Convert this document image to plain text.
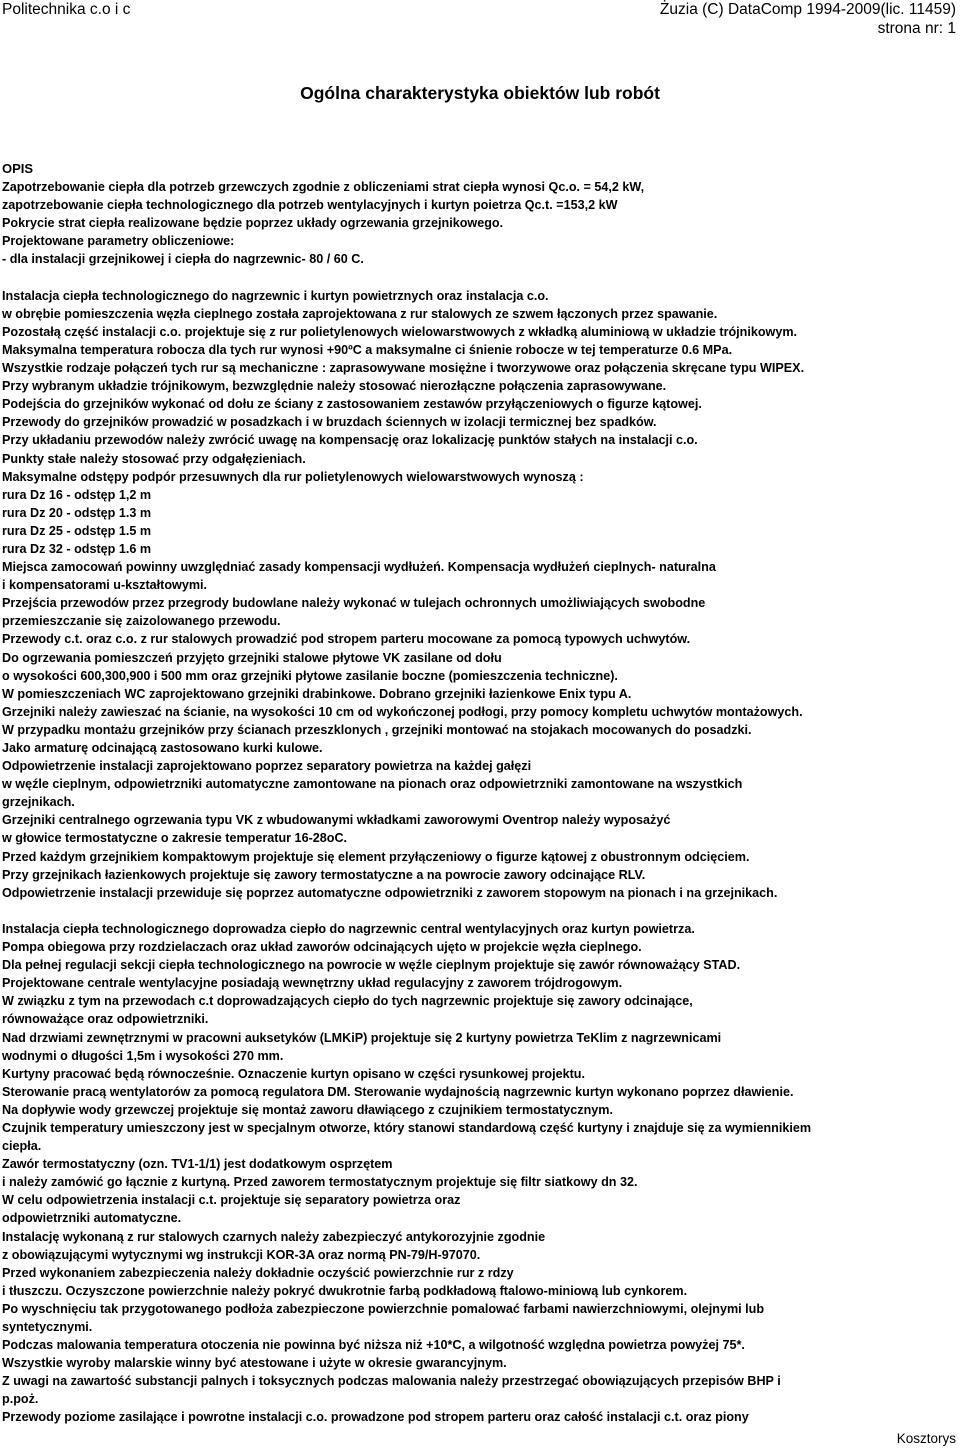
Politechnika c.o i c	Żuzia (C) DataComp 1994-2009(lic. 11459)
strona nr: 1
Ogólna charakterystyka obiektów lub robót
OPIS
Zapotrzebowanie ciepła dla potrzeb grzewczych zgodnie z obliczeniami strat ciepła wynosi Qc.o. = 54,2 kW,
zapotrzebowanie ciepła technologicznego dla potrzeb wentylacyjnych i kurtyn poietrza Qc.t. =153,2 kW
Pokrycie strat ciepła realizowane będzie poprzez układy ogrzewania grzejnikowego.
Projektowane parametry obliczeniowe:
- dla instalacji grzejnikowej i ciepła do nagrzewnic- 80 / 60 C.
Instalacja ciepła technologicznego do nagrzewnic i kurtyn powietrznych oraz instalacja c.o.
w obrębie pomieszczenia węzła cieplnego została zaprojektowana z rur stalowych ze szwem łączonych przez spawanie.
Pozostałą część instalacji c.o. projektuje się z rur polietylenowych wielowarstwowych z wkładką aluminiową w układzie trójnikowym.
Maksymalna temperatura robocza dla tych rur wynosi +90ºC a maksymalne ci śnienie robocze w tej temperaturze 0.6 MPa.
Wszystkie rodzaje połączeń tych rur są mechaniczne : zaprasowywane mosiężne i tworzywowe oraz połączenia skręcane typu WIPEX.
Przy wybranym układzie trójnikowym, bezwzględnie należy stosować nierozłączne połączenia zaprasowywane.
Podejścia do grzejników wykonać od dołu ze ściany z zastosowaniem zestawów przyłączeniowych o figurze kątowej.
Przewody do grzejników prowadzić w posadzkach i w bruzdach ściennych w izolacji termicznej bez spadków.
Przy układaniu przewodów należy zwrócić uwagę na kompensację oraz lokalizację punktów stałych na instalacji c.o.
Punkty stałe należy stosować przy odgałęzieniach.
Maksymalne odstępy podpór przesuwnych dla rur polietylenowych wielowarstwowych wynoszą :
rura Dz 16 - odstęp 1,2 m
rura Dz 20 - odstęp 1.3 m
rura Dz 25 - odstęp 1.5 m
rura Dz 32 - odstęp 1.6 m
Miejsca zamocowań powinny uwzględniać zasady kompensacji wydłużeń. Kompensacja wydłużeń cieplnych- naturalna
i kompensatorami u-kształtowymi.
Przejścia przewodów przez przegrody budowlane należy wykonać w tulejach ochronnych umożliwiających swobodne
przemieszczanie się zaizolowanego przewodu.
Przewody c.t. oraz c.o. z rur stalowych prowadzić pod stropem parteru mocowane za pomocą typowych uchwytów.
Do ogrzewania pomieszczeń przyjęto grzejniki stalowe płytowe VK zasilane od dołu
o wysokości 600,300,900 i 500 mm oraz grzejniki płytowe zasilanie boczne (pomieszczenia techniczne).
W pomieszczeniach WC zaprojektowano grzejniki drabinkowe. Dobrano grzejniki łazienkowe Enix typu A.
Grzejniki należy zawieszać na ścianie, na wysokości 10 cm od wykończonej podłogi, przy pomocy kompletu uchwytów montażowych.
W przypadku montażu grzejników przy ścianach przeszklonych , grzejniki montować na stojakach mocowanych do posadzki.
Jako armaturę odcinającą zastosowano kurki kulowe.
Odpowietrzenie instalacji zaprojektowano poprzez separatory powietrza na każdej gałęzi
w węźle cieplnym, odpowietrzniki automatyczne zamontowane na pionach oraz odpowietrzniki zamontowane na wszystkich
grzejnikach.
Grzejniki centralnego ogrzewania typu VK z wbudowanymi wkładkami zaworowymi Oventrop należy wyposażyć
w głowice termostatyczne o zakresie temperatur 16-28oC.
Przed każdym grzejnikiem kompaktowym projektuje się element przyłączeniowy o figurze kątowej z obustronnym odcięciem.
Przy grzejnikach łazienkowych projektuje się zawory termostatyczne a na powrocie zawory odcinające RLV.
Odpowietrzenie instalacji przewiduje się poprzez automatyczne odpowietrzniki z zaworem stopowym na pionach i na grzejnikach.
Instalacja ciepła technologicznego doprowadza ciepło do nagrzewnic central wentylacyjnych oraz kurtyn powietrza.
Pompa obiegowa przy rozdzielaczach oraz układ zaworów odcinających ujęto w projekcie węzła cieplnego.
Dla pełnej regulacji sekcji ciepła technologicznego na powrocie w węźle cieplnym projektuje się zawór równoważący STAD.
Projektowane centrale wentylacyjne posiadają wewnętrzny układ regulacyjny z zaworem trójdrogowym.
W związku z tym na przewodach c.t doprowadzających ciepło do tych nagrzewnic projektuje się zawory odcinające,
równoważące oraz odpowietrzniki.
Nad drzwiami zewnętrznymi w pracowni auksetyków (LMKiP) projektuje się 2 kurtyny powietrza TeKlim z nagrzewnicami
wodnymi o długości 1,5m i wysokości 270 mm.
Kurtyny pracować będą równocześnie. Oznaczenie kurtyn opisano w części rysunkowej projektu.
Sterowanie pracą wentylatorów za pomocą regulatora DM. Sterowanie wydajnością nagrzewnic kurtyn wykonano poprzez dławienie.
Na dopływie wody grzewczej projektuje się montaż zaworu dławiącego z czujnikiem termostatycznym.
Czujnik temperatury umieszczony jest w specjalnym otworze, który stanowi standardową część kurtyny i znajduje się za wymiennikiem
ciepła.
Zawór termostatyczny (ozn. TV1-1/1) jest dodatkowym osprzętem
i należy zamówić go łącznie z kurtyną. Przed zaworem termostatycznym projektuje się filtr siatkowy dn 32.
W celu odpowietrzenia instalacji c.t. projektuje się separatory powietrza oraz
odpowietrzniki automatyczne.
Instalację wykonaną z rur stalowych czarnych należy zabezpieczyć antykorozyjnie zgodnie
z obowiązującymi wytycznymi wg instrukcji KOR-3A oraz normą PN-79/H-97070.
Przed wykonaniem zabezpieczenia należy dokładnie oczyścić powierzchnie rur z rdzy
i tłuszczu. Oczyszczone powierzchnie należy pokryć dwukrotnie farbą podkładową ftalowo-miniową lub cynkorem.
Po wyschnięciu tak przygotowanego podłoża zabezpieczone powierzchnie pomalować farbami nawierzchniowymi, olejnymi lub
syntetycznymi.
Podczas malowania temperatura otoczenia nie powinna być niższa niż +10*C, a wilgotność względna powietrza powyżej 75*.
Wszystkie wyroby malarskie winny być atestowane i użyte w okresie gwarancyjnym.
Z uwagi na zawartość substancji palnych i toksycznych podczas malowania należy przestrzegać obowiązujących przepisów BHP i
p.poż.
Przewody poziome zasilające i powrotne instalacji c.o. prowadzone pod stropem parteru oraz całość instalacji c.t. oraz piony
Kosztorys
